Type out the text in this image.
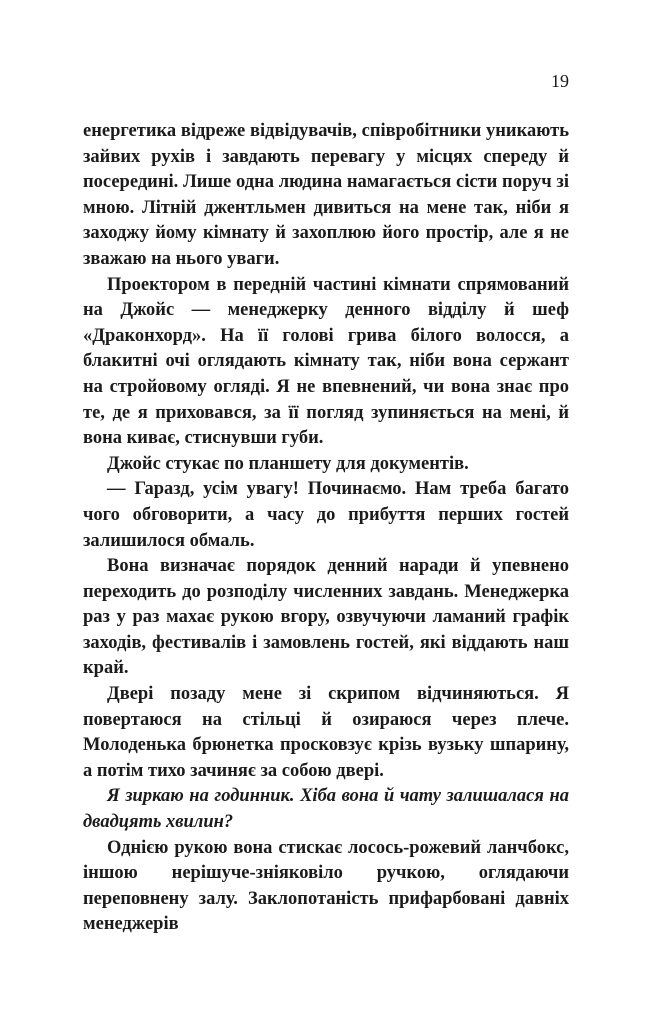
19

енергетика відреже відвідувачів, співробітники уникають зайвих рухів і завдають перевагу у місцях спереду й посередині. Лише одна людина намагається сісти поруч зі мною. Літній джентльмен дивиться на мене так, ніби я заходжу йому кімнату й захоплюю його простір, але я не зважаю на нього уваги.

Проектором в передній частині кімнати спрямований на Джойс — менеджерку денного відділу й шеф «Драконхорд». На її голові грива білого волосся, а блакитні очі оглядають кімнату так, ніби вона сержант на стройовому огляді. Я не впевнений, чи вона знає про те, де я приховався, за її погляд зупиняється на мені, й вона киває, стиснувши губи.

Джойс стукає по планшету для документів.

— Гаразд, усім увагу! Починаємо. Нам треба багато чого обговорити, а часу до прибуття перших гостей залишилося обмаль.

Вона визначає порядок денний наради й упевнено переходить до розподілу численних завдань. Менеджерка раз у раз махає рукою вгору, озвучуючи ламаний графік заходів, фестивалів і замовлень гостей, які віддають наш край.

Двері позаду мене зі скрипом відчиняються. Я повертаюся на стільці й озираюся через плече. Молоденька брюнетка просковзує крізь вузьку шпарину, а потім тихо зачиняє за собою двері.

Я зиркаю на годинник. Хіба вона й чату залишалася на двадцять хвилин?

Однією рукою вона стискає лосось-рожевий ланчбокс, іншою нерішуче-зніяковіло ручкою, оглядаючи переповнену залу. Заклопотаність прифарбовані давніх менеджерів
